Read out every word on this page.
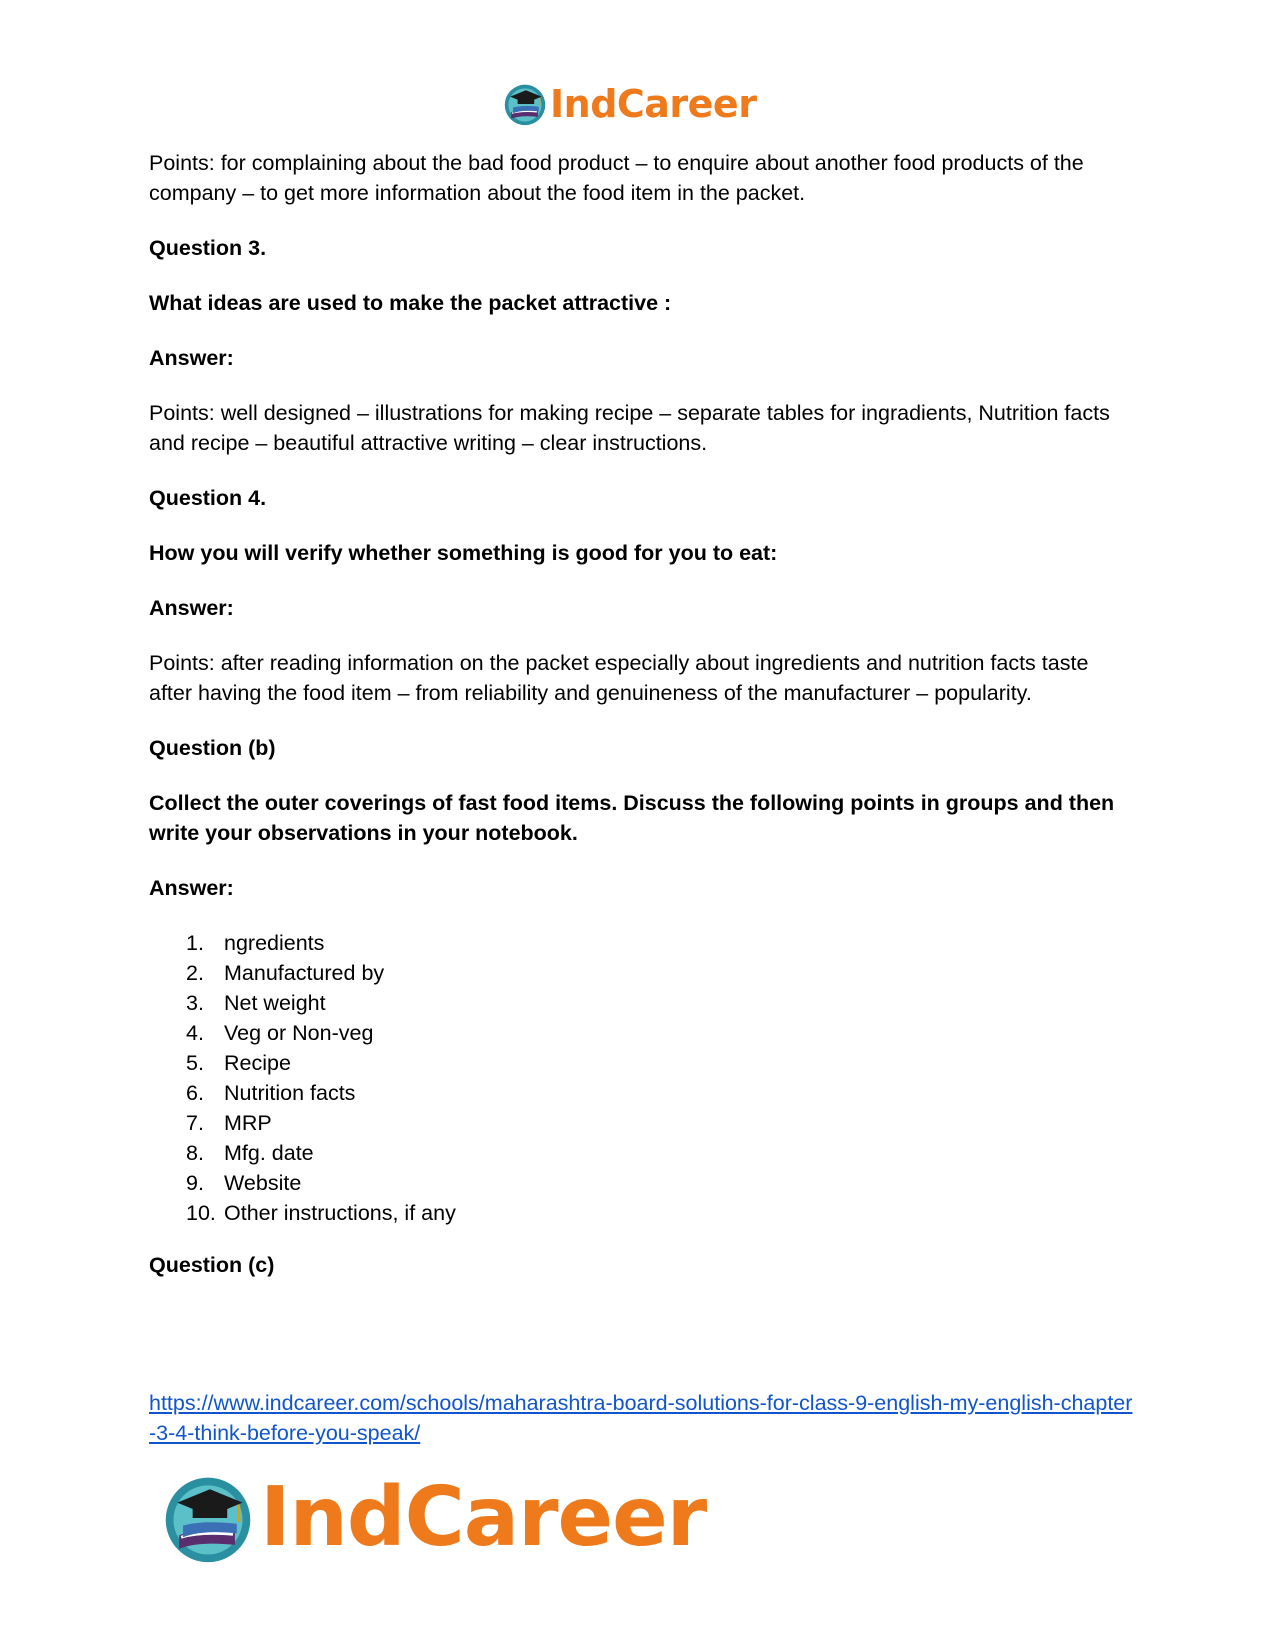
IndCareer

Points: for complaining about the bad food product – to enquire about another food products of the company – to get more information about the food item in the packet.

Question 3.

What ideas are used to make the packet attractive :

Answer:

Points: well designed – illustrations for making recipe – separate tables for ingradients, Nutrition facts and recipe – beautiful attractive writing – clear instructions.

Question 4.

How you will verify whether something is good for you to eat:

Answer:

Points: after reading information on the packet especially about ingredients and nutrition facts taste after having the food item – from reliability and genuineness of the manufacturer – popularity.

Question (b)

Collect the outer coverings of fast food items. Discuss the following points in groups and then write your observations in your notebook.

Answer:

1. ngredients
2. Manufactured by
3. Net weight
4. Veg or Non-veg
5. Recipe
6. Nutrition facts
7. MRP
8. Mfg. date
9. Website
10. Other instructions, if any

Question (c)

https://www.indcareer.com/schools/maharashtra-board-solutions-for-class-9-english-my-english-chapter-3-4-think-before-you-speak/
IndCareer
